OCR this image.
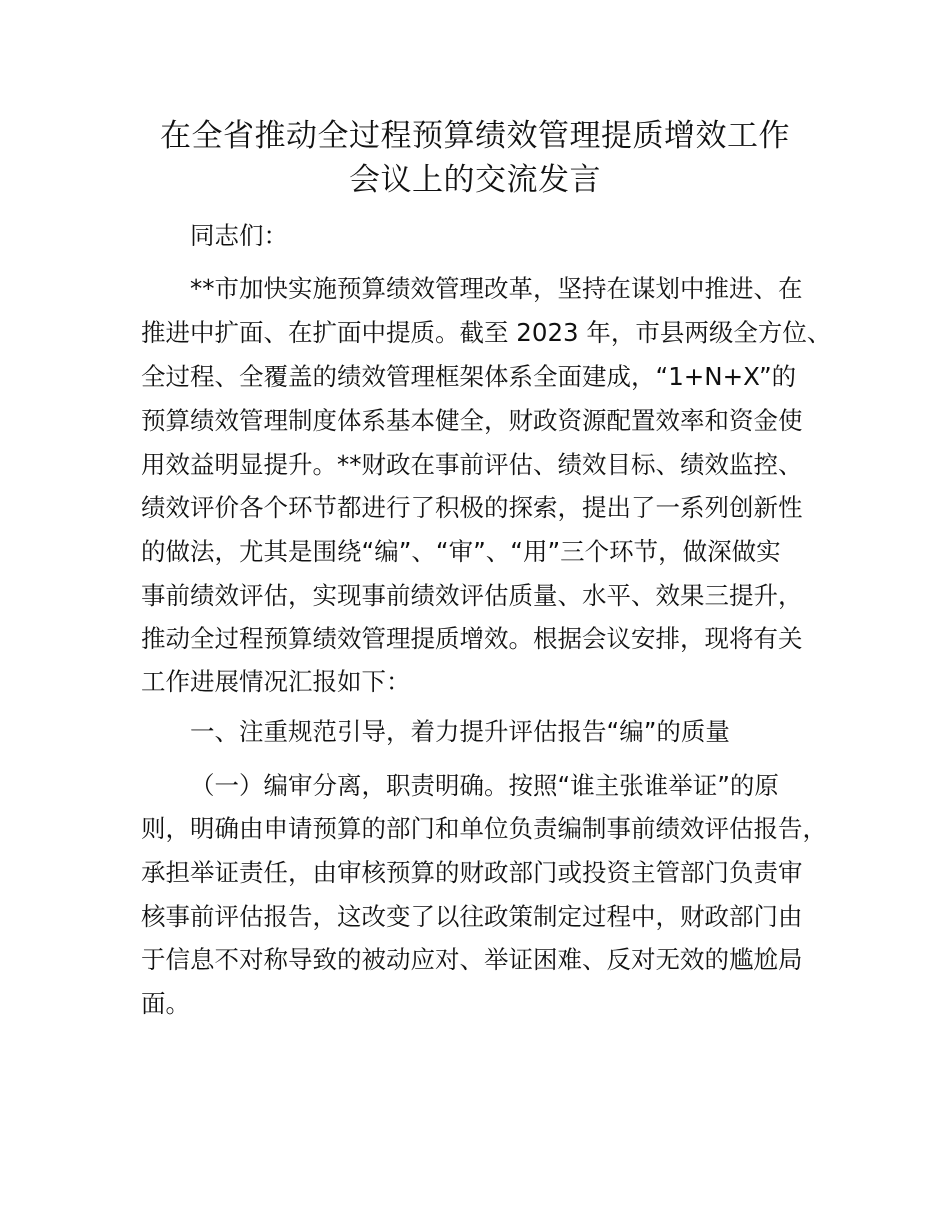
在全省推动全过程预算绩效管理提质增效工作
会议上的交流发言

同志们：

**市加快实施预算绩效管理改革，坚持在谋划中推进、在

推进中扩面、在扩面中提质。截至 2023 年，市县两级全方位、

全过程、全覆盖的绩效管理框架体系全面建成，“1+N+X”的

预算绩效管理制度体系基本健全，财政资源配置效率和资金使

用效益明显提升。**财政在事前评估、绩效目标、绩效监控、

绩效评价各个环节都进行了积极的探索，提出了一系列创新性

的做法，尤其是围绕“编”、“审”、“用”三个环节，做深做实

事前绩效评估，实现事前绩效评估质量、水平、效果三提升，

推动全过程预算绩效管理提质增效。根据会议安排，现将有关

工作进展情况汇报如下：

一、注重规范引导，着力提升评估报告“编”的质量

（一）编审分离，职责明确。按照“谁主张谁举证”的原

则，明确由申请预算的部门和单位负责编制事前绩效评估报告，

承担举证责任，由审核预算的财政部门或投资主管部门负责审

核事前评估报告，这改变了以往政策制定过程中，财政部门由

于信息不对称导致的被动应对、举证困难、反对无效的尴尬局

面。
